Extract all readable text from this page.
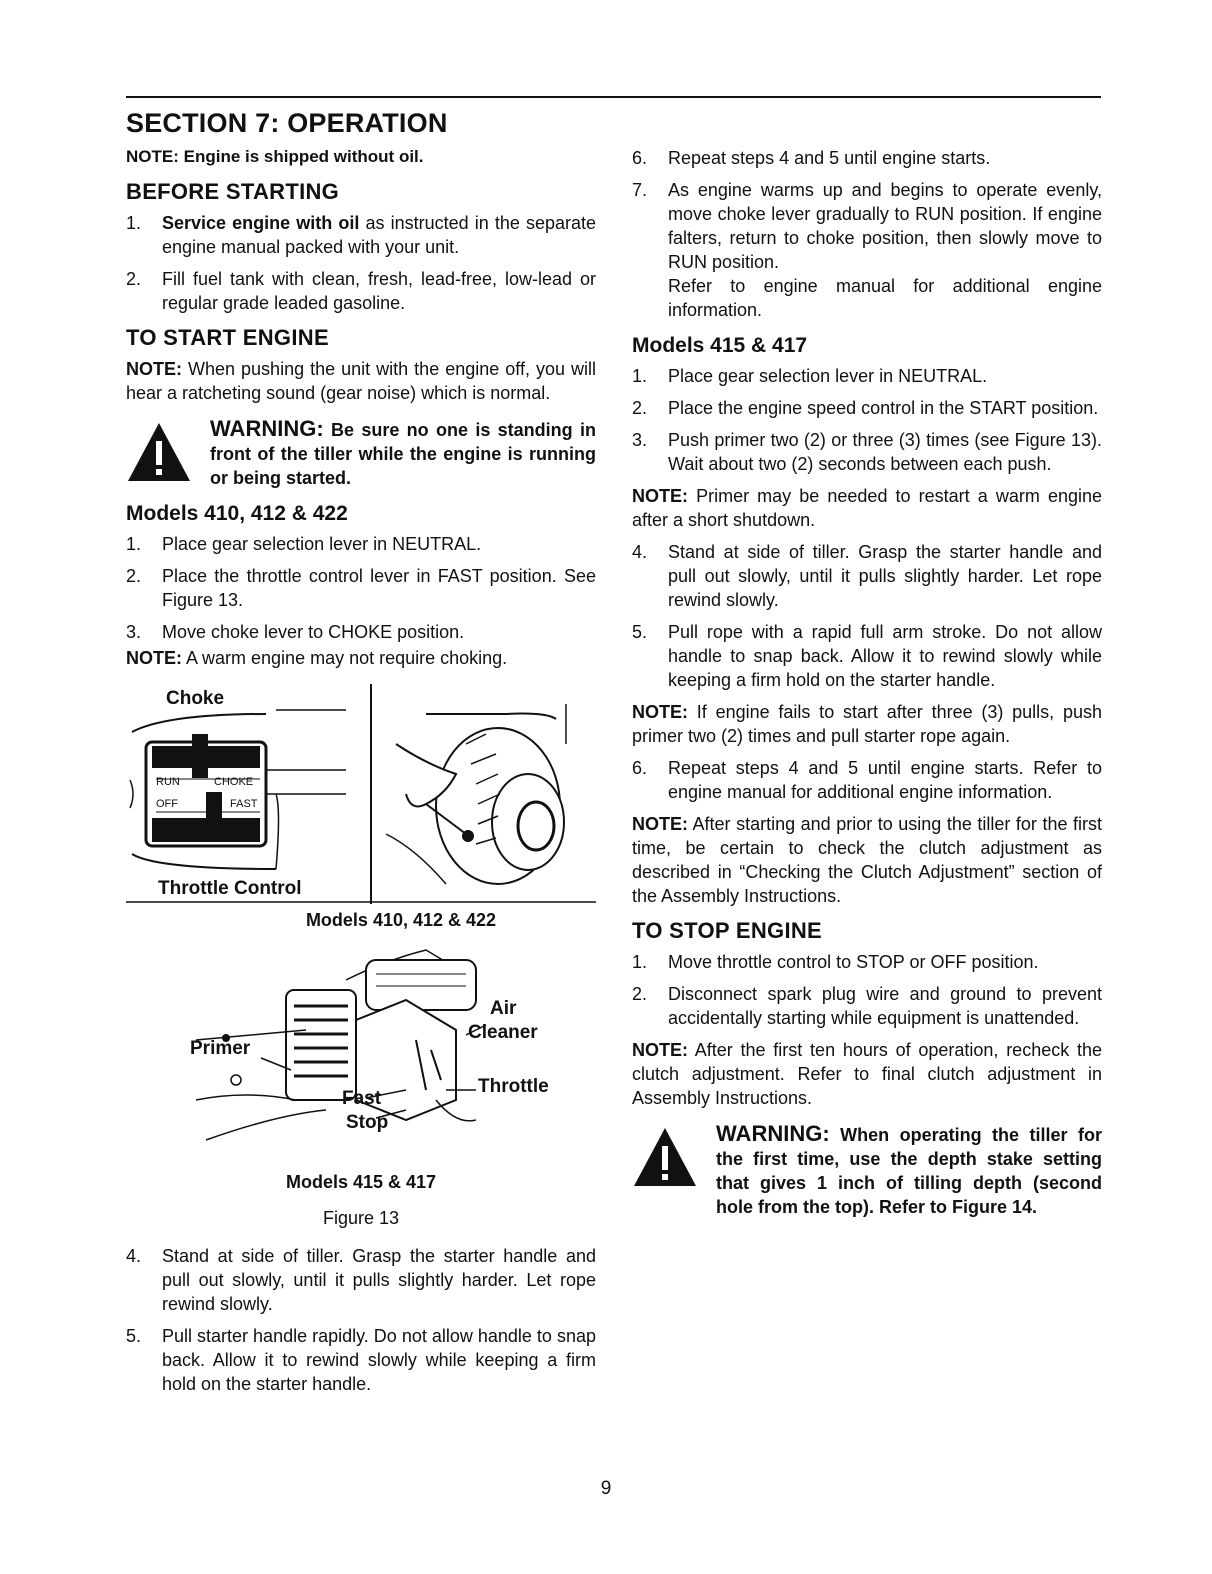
SECTION 7: OPERATION

NOTE: Engine is shipped without oil.

BEFORE STARTING
1. Service engine with oil as instructed in the separate engine manual packed with your unit.
2. Fill fuel tank with clean, fresh, lead-free, low-lead or regular grade leaded gasoline.
TO START ENGINE

NOTE: When pushing the unit with the engine off, you will hear a ratcheting sound (gear noise) which is normal.

WARNING: Be sure no one is standing in front of the tiller while the engine is running or being started.
Models 410, 412 & 422
1. Place gear selection lever in NEUTRAL.
2. Place the throttle control lever in FAST position. See Figure 13.
3. Move choke lever to CHOKE position.

NOTE: A warm engine may not require choking.

Choke
RUN	CHOKE
OFF	FAST
Throttle Control

Models 410, 412 & 422

Primer
Air
Cleaner
Throttle
Fast
Stop

Models 415 & 417

Figure 13

4. Stand at side of tiller. Grasp the starter handle and pull out slowly, until it pulls slightly harder. Let rope rewind slowly.
5. Pull starter handle rapidly. Do not allow handle to snap back. Allow it to rewind slowly while keeping a firm hold on the starter handle.
6. Repeat steps 4 and 5 until engine starts.
7. As engine warms up and begins to operate evenly, move choke lever gradually to RUN position. If engine falters, return to choke position, then slowly move to RUN position.
Refer to engine manual for additional engine information.
Models 415 & 417
1. Place gear selection lever in NEUTRAL.
2. Place the engine speed control in the START position.
3. Push primer two (2) or three (3) times (see Figure 13). Wait about two (2) seconds between each push.

NOTE: Primer may be needed to restart a warm engine after a short shutdown.

4. Stand at side of tiller. Grasp the starter handle and pull out slowly, until it pulls slightly harder. Let rope rewind slowly.
5. Pull rope with a rapid full arm stroke. Do not allow handle to snap back. Allow it to rewind slowly while keeping a firm hold on the starter handle.

NOTE: If engine fails to start after three (3) pulls, push primer two (2) times and pull starter rope again.

6. Repeat steps 4 and 5 until engine starts. Refer to engine manual for additional engine information.

NOTE: After starting and prior to using the tiller for the first time, be certain to check the clutch adjustment as described in “Checking the Clutch Adjustment” section of the Assembly Instructions.

TO STOP ENGINE
1. Move throttle control to STOP or OFF position.
2. Disconnect spark plug wire and ground to prevent accidentally starting while equipment is unattended.

NOTE: After the first ten hours of operation, recheck the clutch adjustment. Refer to final clutch adjustment in Assembly Instructions.

WARNING: When operating the tiller for the first time, use the depth stake setting that gives 1 inch of tilling depth (second hole from the top). Refer to Figure 14.
9
